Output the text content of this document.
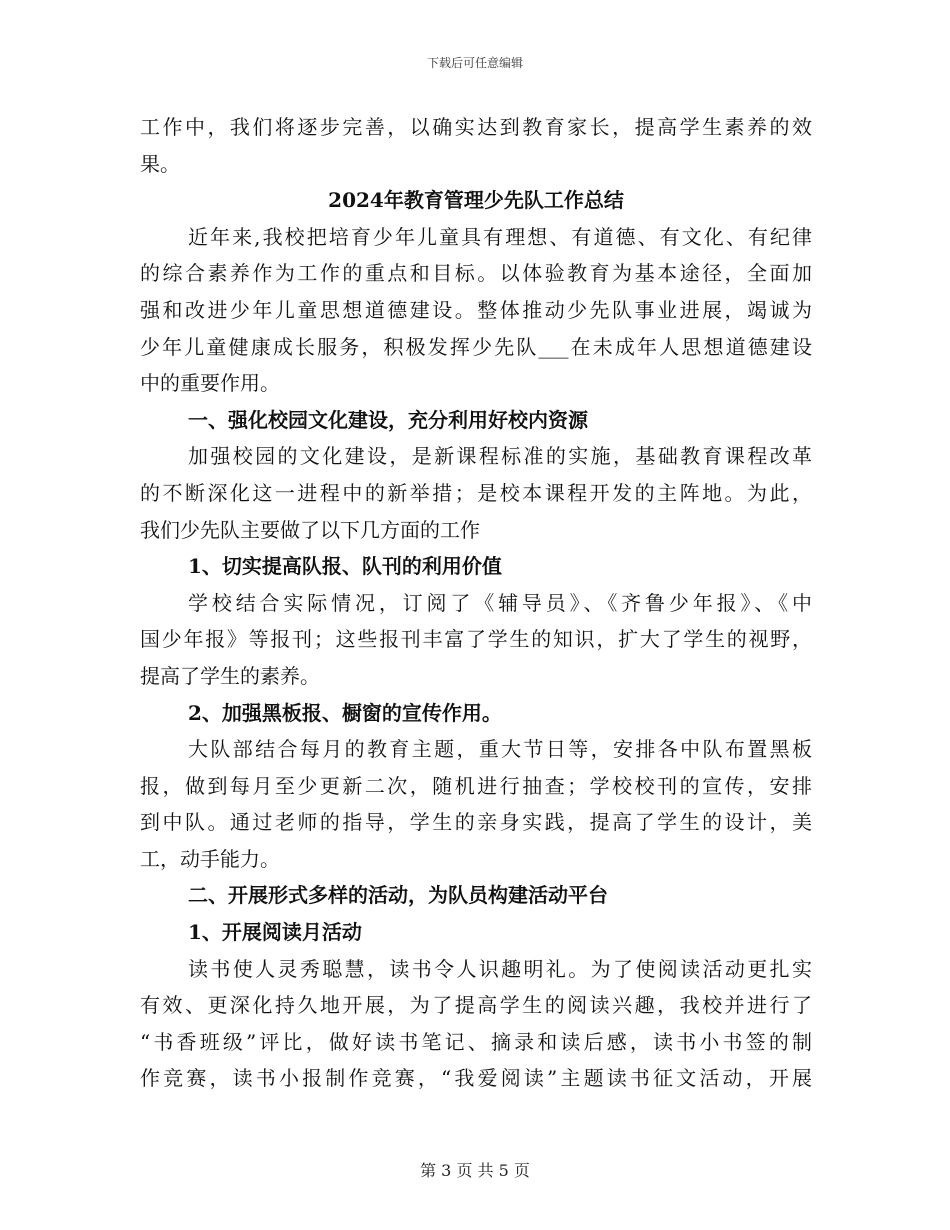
下载后可任意编辑
工作中，我们将逐步完善，以确实达到教育家长，提高学生素养的效
果。
2024年教育管理少先队工作总结
近年来,我校把培育少年儿童具有理想、有道德、有文化、有纪律
的综合素养作为工作的重点和目标。以体验教育为基本途径，全面加
强和改进少年儿童思想道德建设。整体推动少先队事业进展，竭诚为
少年儿童健康成长服务，积极发挥少先队___在未成年人思想道德建设
中的重要作用。
一、强化校园文化建设，充分利用好校内资源
加强校园的文化建设，是新课程标准的实施，基础教育课程改革
的不断深化这一进程中的新举措；是校本课程开发的主阵地。为此，
我们少先队主要做了以下几方面的工作
1、切实提高队报、队刊的利用价值
学校结合实际情况，订阅了《辅导员》、《齐鲁少年报》、《中
国少年报》等报刊；这些报刊丰富了学生的知识，扩大了学生的视野，
提高了学生的素养。
2、加强黑板报、橱窗的宣传作用。
大队部结合每月的教育主题，重大节日等，安排各中队布置黑板
报，做到每月至少更新二次，随机进行抽查；学校校刊的宣传，安排
到中队。通过老师的指导，学生的亲身实践，提高了学生的设计，美
工，动手能力。
二、开展形式多样的活动，为队员构建活动平台
1、开展阅读月活动
读书使人灵秀聪慧，读书令人识趣明礼。为了使阅读活动更扎实
有效、更深化持久地开展，为了提高学生的阅读兴趣，我校并进行了
“书香班级”评比，做好读书笔记、摘录和读后感，读书小书签的制
作竞赛，读书小报制作竞赛，“我爱阅读”主题读书征文活动，开展
第 3 页 共 5 页
